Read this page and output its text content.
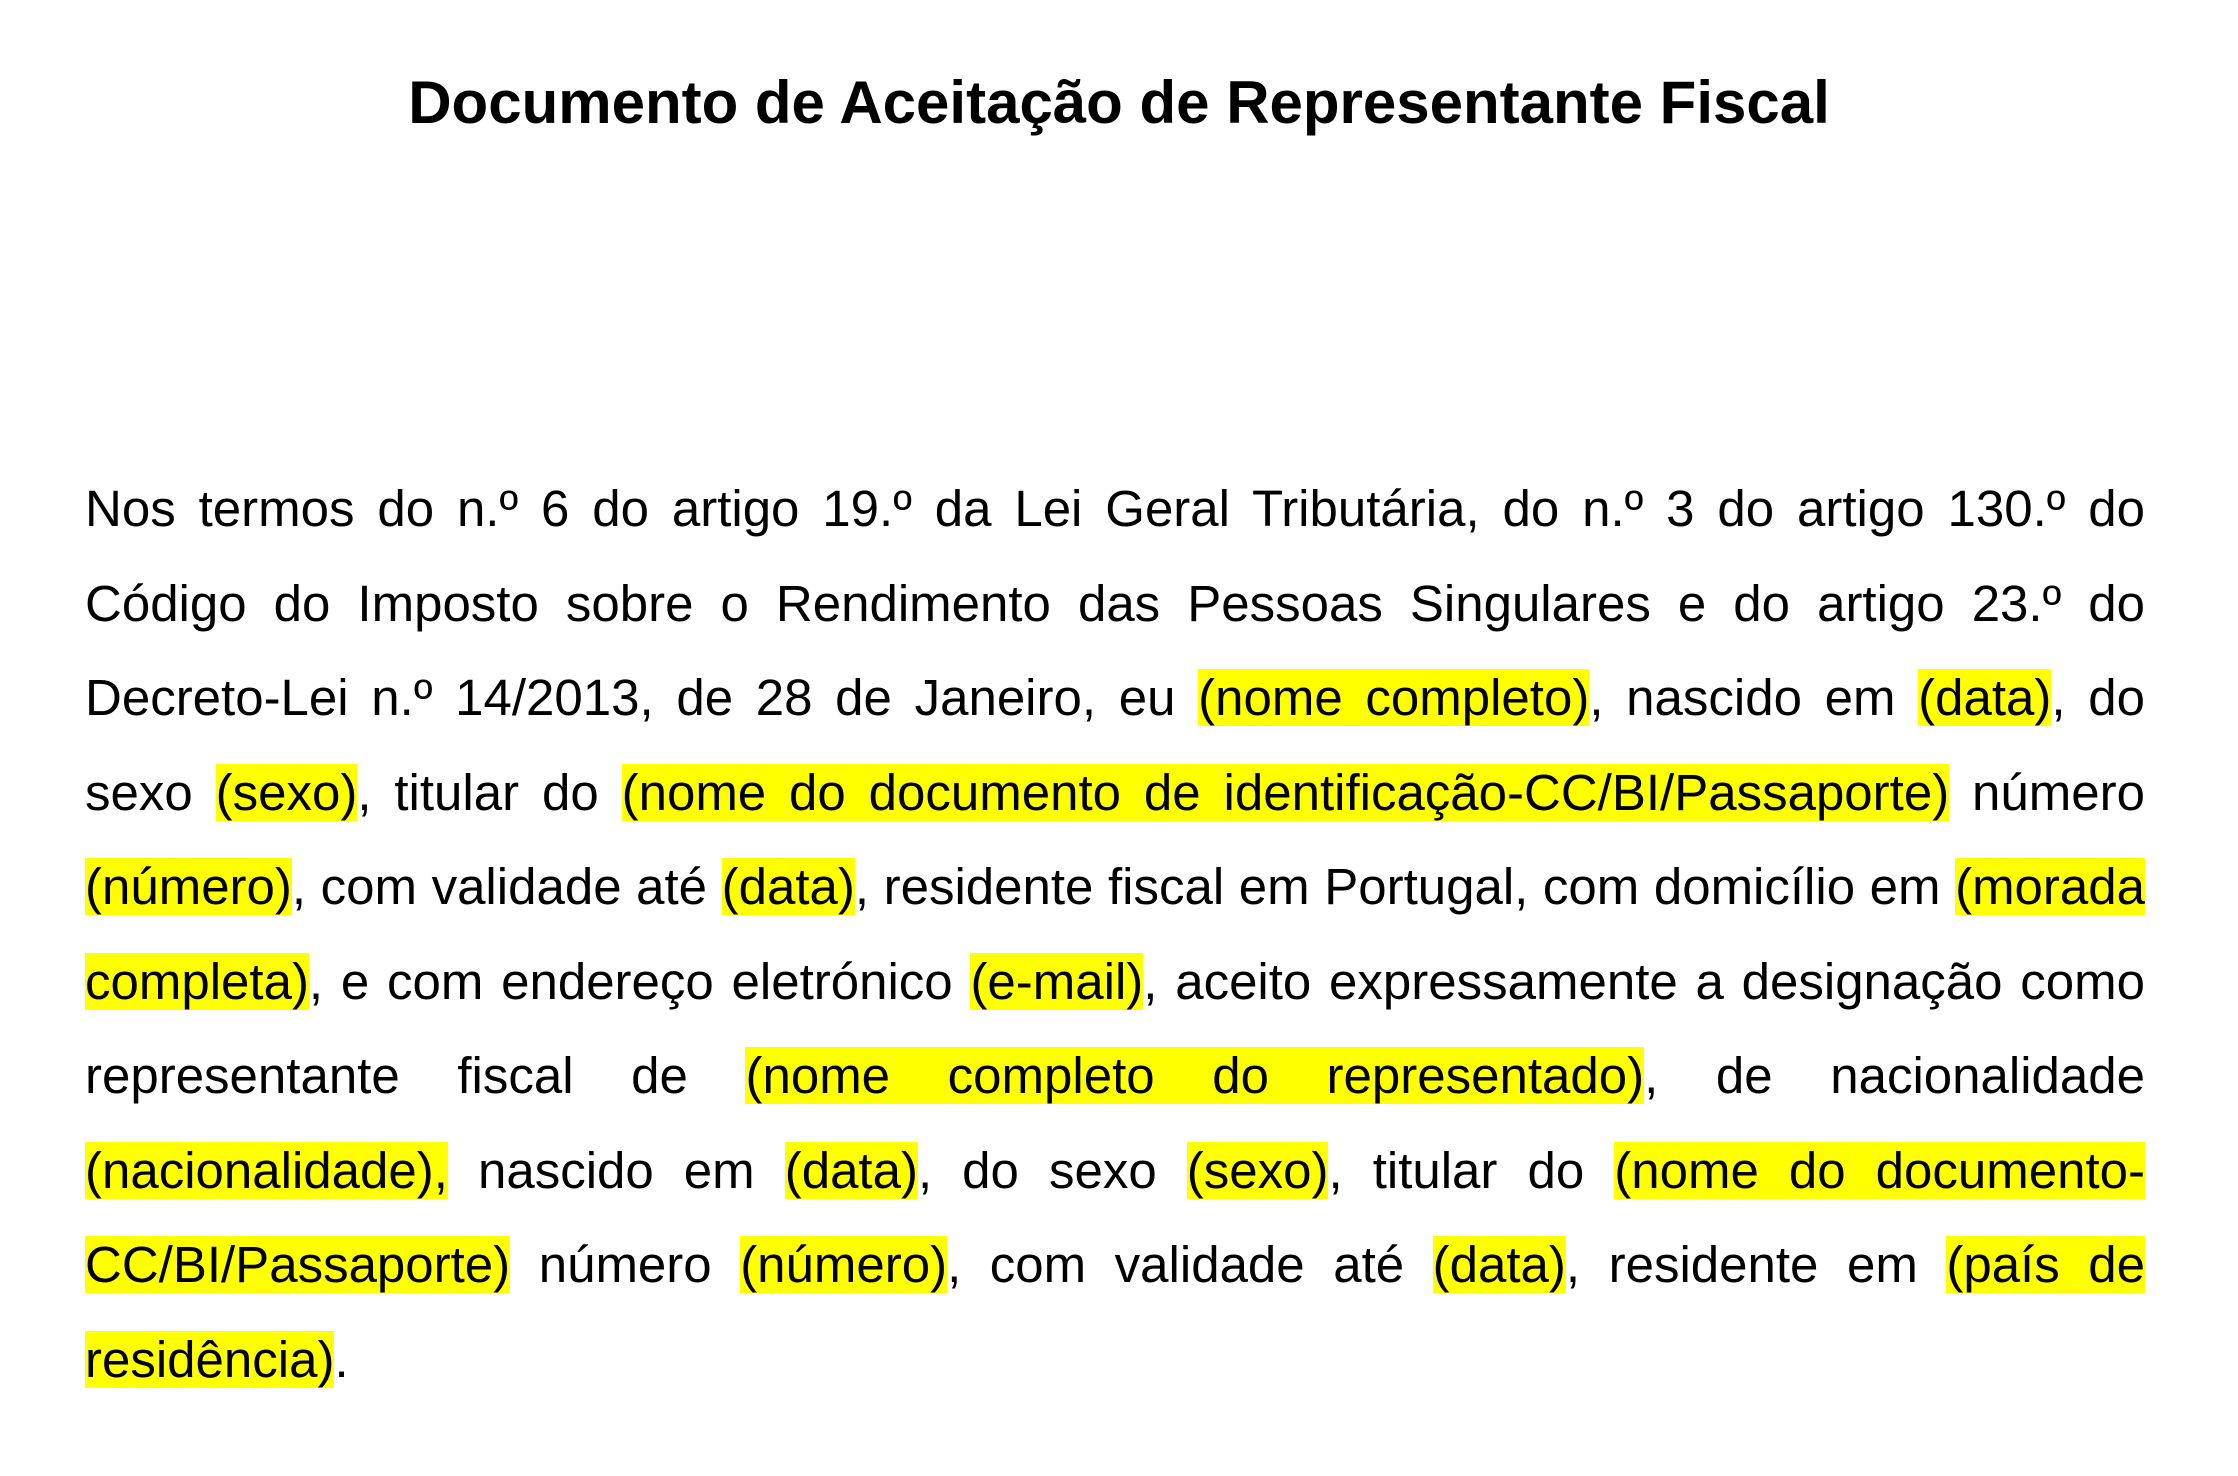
Documento de Aceitação de Representante Fiscal

Nos termos do n.º 6 do artigo 19.º da Lei Geral Tributária, do n.º 3 do artigo 130.º do Código do Imposto sobre o Rendimento das Pessoas Singulares e do artigo 23.º do Decreto-Lei n.º 14/2013, de 28 de Janeiro, eu (nome completo), nascido em (data), do sexo (sexo), titular do (nome do documento de identificação-CC/BI/Passaporte) número (número), com validade até (data), residente fiscal em Portugal, com domicílio em (morada completa), e com endereço eletrónico (e-mail), aceito expressamente a designação como representante fiscal de (nome completo do representado), de nacionalidade (nacionalidade), nascido em (data), do sexo (sexo), titular do (nome do documento-CC/BI/Passaporte) número (número), com validade até (data), residente em (país de residência).
